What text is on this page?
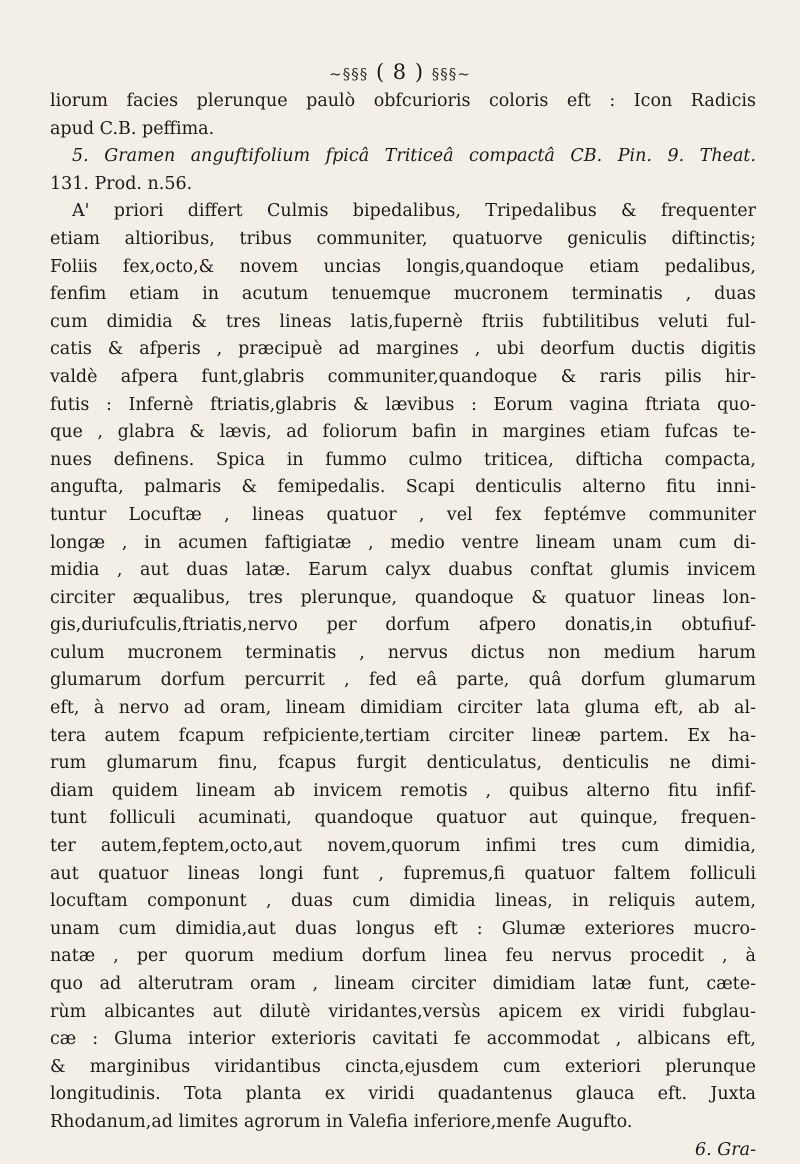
~§§§ ( 8 ) §§§~
liorum facies plerunque paulò obfcurioris coloris eft : Icon Radicis
apud C.B. peffima.
5. Gramen anguftifolium fpicâ Triticeâ compactâ CB. Pin. 9. Theat.
131. Prod. n.56.
A' priori differt Culmis bipedalibus, Tripedalibus & frequenter
etiam altioribus, tribus communiter, quatuorve geniculis diftinctis;
Foliis fex,octo,& novem uncias longis,quandoque etiam pedalibus,
fenfim etiam in acutum tenuemque mucronem terminatis , duas
cum dimidia & tres lineas latis,fupernè ftriis fubtilitibus veluti ful-
catis & afperis , præcipuè ad margines , ubi deorfum ductis digitis
valdè afpera funt,glabris communiter,quandoque & raris pilis hir-
futis : Infernè ftriatis,glabris & lævibus : Eorum vagina ftriata quo-
que , glabra & lævis, ad foliorum bafin in margines etiam fufcas te-
nues definens. Spica in fummo culmo triticea, difticha compacta,
angufta, palmaris & femipedalis. Scapi denticulis alterno fitu inni-
tuntur Locuftæ , lineas quatuor , vel fex feptémve communiter
longæ , in acumen faftigiatæ , medio ventre lineam unam cum di-
midia , aut duas latæ. Earum calyx duabus conftat glumis invicem
circiter æqualibus, tres plerunque, quandoque & quatuor lineas lon-
gis,duriufculis,ftriatis,nervo per dorfum afpero donatis,in obtufiuf-
culum mucronem terminatis , nervus dictus non medium harum
glumarum dorfum percurrit , fed eâ parte, quâ dorfum glumarum
eft, à nervo ad oram, lineam dimidiam circiter lata gluma eft, ab al-
tera autem fcapum refpiciente,tertiam circiter lineæ partem. Ex ha-
rum glumarum finu, fcapus furgit denticulatus, denticulis ne dimi-
diam quidem lineam ab invicem remotis , quibus alterno fitu infif-
tunt folliculi acuminati, quandoque quatuor aut quinque, frequen-
ter autem,feptem,octo,aut novem,quorum infimi tres cum dimidia,
aut quatuor lineas longi funt , fupremus,fi quatuor faltem folliculi
locuftam componunt , duas cum dimidia lineas, in reliquis autem,
unam cum dimidia,aut duas longus eft : Glumæ exteriores mucro-
natæ , per quorum medium dorfum linea feu nervus procedit , à
quo ad alterutram oram , lineam circiter dimidiam latæ funt, cæte-
rùm albicantes aut dilutè viridantes,versùs apicem ex viridi fubglau-
cæ : Gluma interior exterioris cavitati fe accommodat , albicans eft,
& marginibus viridantibus cincta,ejusdem cum exteriori plerunque
longitudinis. Tota planta ex viridi quadantenus glauca eft. Juxta
Rhodanum,ad limites agrorum in Valefia inferiore,menfe Augufto.
6. Gra-
